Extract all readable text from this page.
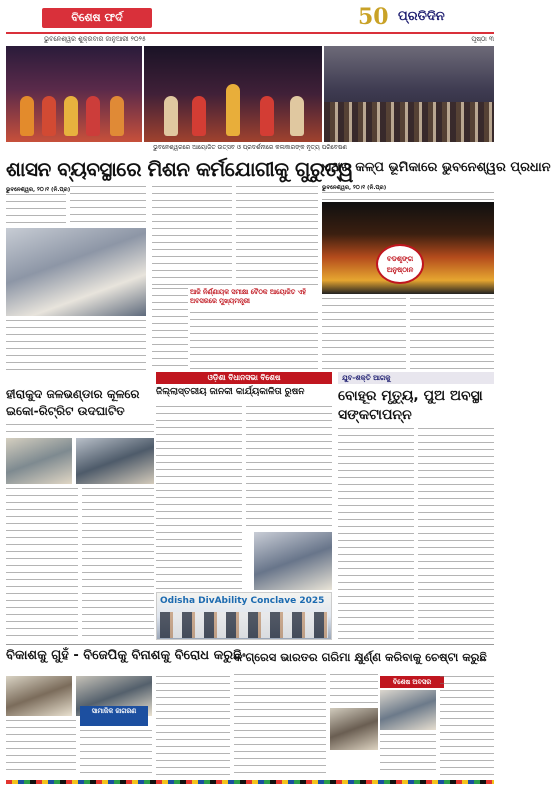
ବିଶେଷ ଫର୍ଦ	50 ପ୍ରତିଦିନ
ଭୁବନେଶ୍ୱର ଶୁକ୍ରବାର ଜାନୁଆରୀ ୨୦୨୫	ପୃଷ୍ଠା ୩
ଭୁବନେଶ୍ୱରରେ ଆୟୋଜିତ ଉତ୍ସବ ଓ ପ୍ରଦର୍ଶନୀରେ କଳାକାରଙ୍କ ନୃତ୍ୟ ପରିବେଷଣ
ଶାସନ ବ୍ୟବସ୍ଥାରେ ମିଶନ କର୍ମଯୋଗୀକୁ ଗୁରୁତ୍ୱ
ଏଥର କଳ୍ପ ଭୂମିକାରେ ଭୁବନେଶ୍ୱର ପ୍ରଧାନ
ଭୁବନେଶ୍ୱର, ୨୦।୧ (ନି.ପ୍ର)
ଆଜି ନିର୍ଣ୍ଣାୟକ ସମୀକ୍ଷା ବୈଠକ ଆୟୋଜିତ ଏହି ଅବସରରେ ମୁଖ୍ୟମନ୍ତ୍ରୀ
ଭୁବନେଶ୍ୱର, ୨୦।୧ (ନି.ପ୍ର)
ବଡଶୃଙ୍ଗ ଅନୁଷ୍ଠାନ
ହୀରାକୁଦ ଜଳଭଣ୍ଡାର କୂଳରେ ଇକୋ-ରିଟ୍ରିଟ ଉଦଘାଟିତ
ଓଡ଼ିଶା ବିଧାନସଭା ବିଶେଷ
ଜିଲ୍ଲାସ୍ତରୀୟ ଜାନକୀ କାର୍ଯ୍ୟକାଳିତା ରୁଷନ
Odisha DivAbility Conclave 2025
ଯୁବ-ଶକ୍ତି ଆଗକୁ
ବୋହୂର ମୃତ୍ୟୁ, ପୁଅ ଅବସ୍ଥା ସଙ୍କଟାପନ୍ନ
ବିକାଶକୁ ଗୁହଁ - ବିଜେପିକୁ ବିନାଶକୁ ବିରୋଧ କରୁଛି
କଂଗ୍ରେସ ଭାରତର ଗରିମା କ୍ଷୁର୍ଣ୍ଣ କରିବାକୁ ଚେଷ୍ଟା କରୁଛି
ସାମାଜିକ ଜାଗରଣ
ବିଶେଷ ଅବସର
